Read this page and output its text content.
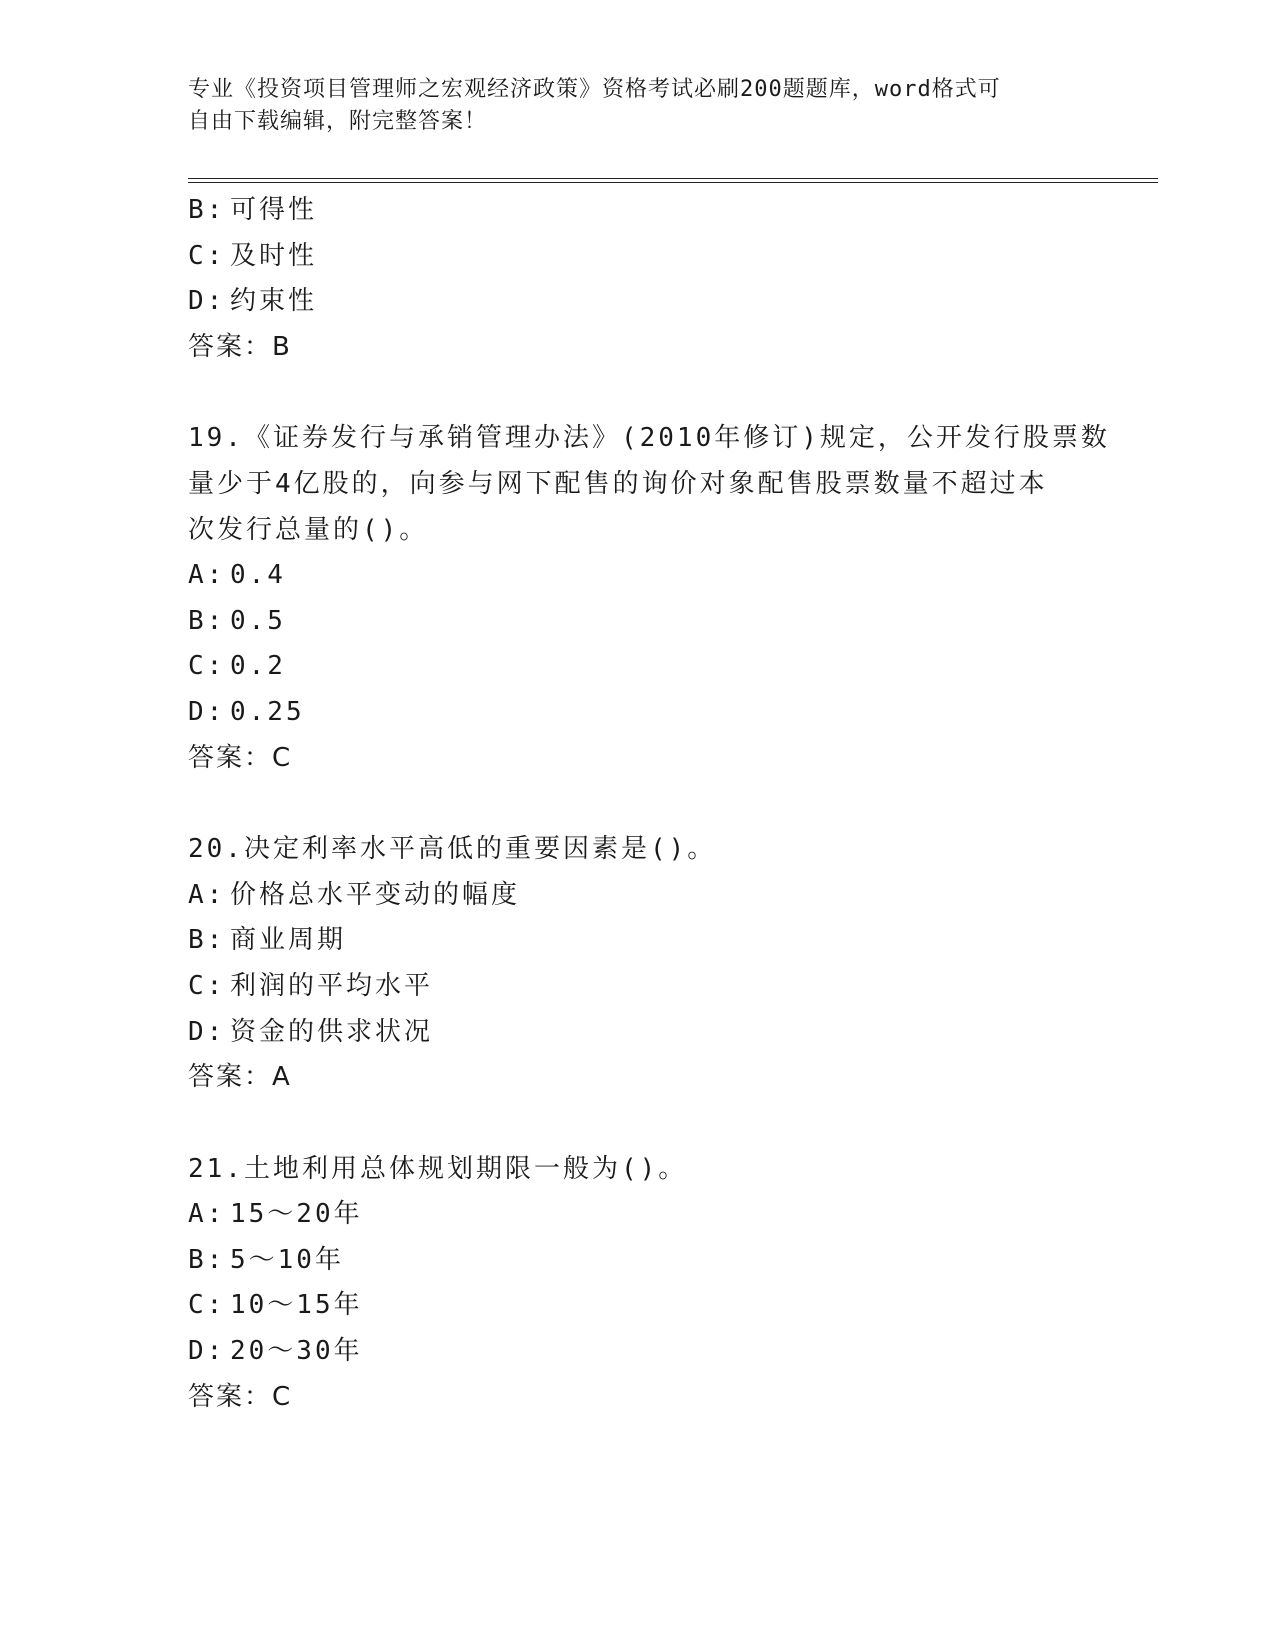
专业《投资项目管理师之宏观经济政策》资格考试必刷200题题库，word格式可
自由下载编辑，附完整答案！
B: 可得性
C: 及时性
D: 约束性
答案：B
19.《证券发行与承销管理办法》(2010年修订)规定，公开发行股票数
量少于4亿股的，向参与网下配售的询价对象配售股票数量不超过本
次发行总量的()。
A: 0.4
B: 0.5
C: 0.2
D: 0.25
答案：C
20.决定利率水平高低的重要因素是()。
A: 价格总水平变动的幅度
B: 商业周期
C: 利润的平均水平
D: 资金的供求状况
答案：A
21.土地利用总体规划期限一般为()。
A: 15～20年
B: 5～10年
C: 10～15年
D: 20～30年
答案：C
